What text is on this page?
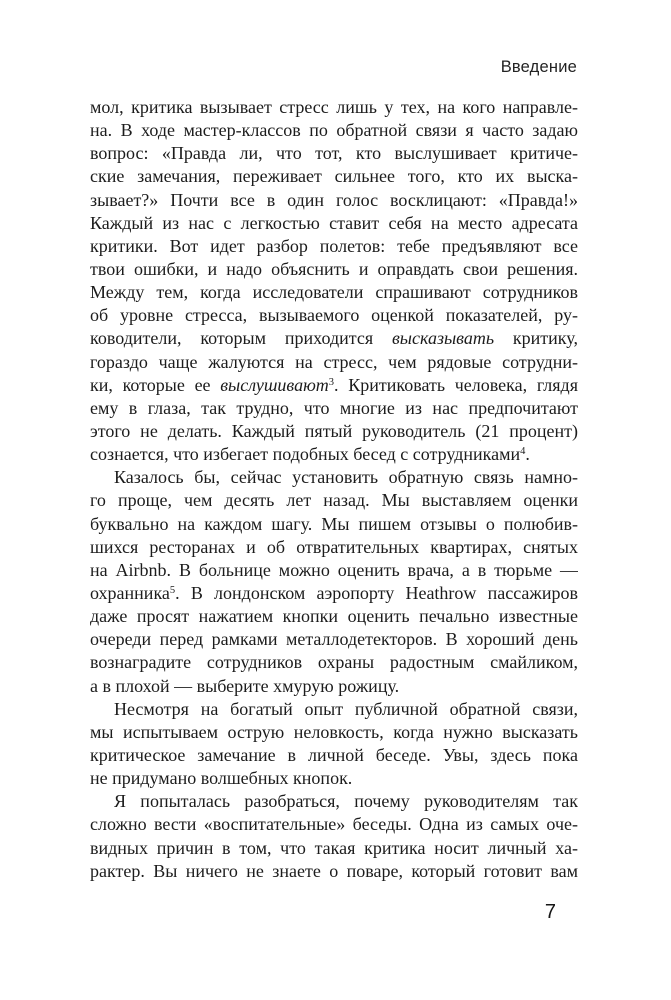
Введение
мол, критика вызывает стресс лишь у тех, на кого направле-
на. В ходе мастер-классов по обратной связи я часто задаю
вопрос: «Правда ли, что тот, кто выслушивает критиче-
ские замечания, переживает сильнее того, кто их выска-
зывает?» Почти все в один голос восклицают: «Правда!»
Каждый из нас с легкостью ставит себя на место адресата
критики. Вот идет разбор полетов: тебе предъявляют все
твои ошибки, и надо объяснить и оправдать свои решения.
Между тем, когда исследователи спрашивают сотрудников
об уровне стресса, вызываемого оценкой показателей, ру-
ководители, которым приходится высказывать критику,
гораздо чаще жалуются на стресс, чем рядовые сотрудни-
ки, которые ее выслушивают$^3$. Критиковать человека, глядя
ему в глаза, так трудно, что многие из нас предпочитают
этого не делать. Каждый пятый руководитель (21 процент)
сознается, что избегает подобных бесед с сотрудниками$^4$.
Казалось бы, сейчас установить обратную связь намно-
го проще, чем десять лет назад. Мы выставляем оценки
буквально на каждом шагу. Мы пишем отзывы о полюбив-
шихся ресторанах и об отвратительных квартирах, снятых
на Airbnb. В больнице можно оценить врача, а в тюрьме —
охранника$^5$. В лондонском аэропорту Heathrow пассажиров
даже просят нажатием кнопки оценить печально известные
очереди перед рамками металлодетекторов. В хороший день
вознаградите сотрудников охраны радостным смайликом,
а в плохой — выберите хмурую рожицу.
Несмотря на богатый опыт публичной обратной связи,
мы испытываем острую неловкость, когда нужно высказать
критическое замечание в личной беседе. Увы, здесь пока
не придумано волшебных кнопок.
Я попыталась разобраться, почему руководителям так
сложно вести «воспитательные» беседы. Одна из самых оче-
видных причин в том, что такая критика носит личный ха-
рактер. Вы ничего не знаете о поваре, который готовит вам
7
